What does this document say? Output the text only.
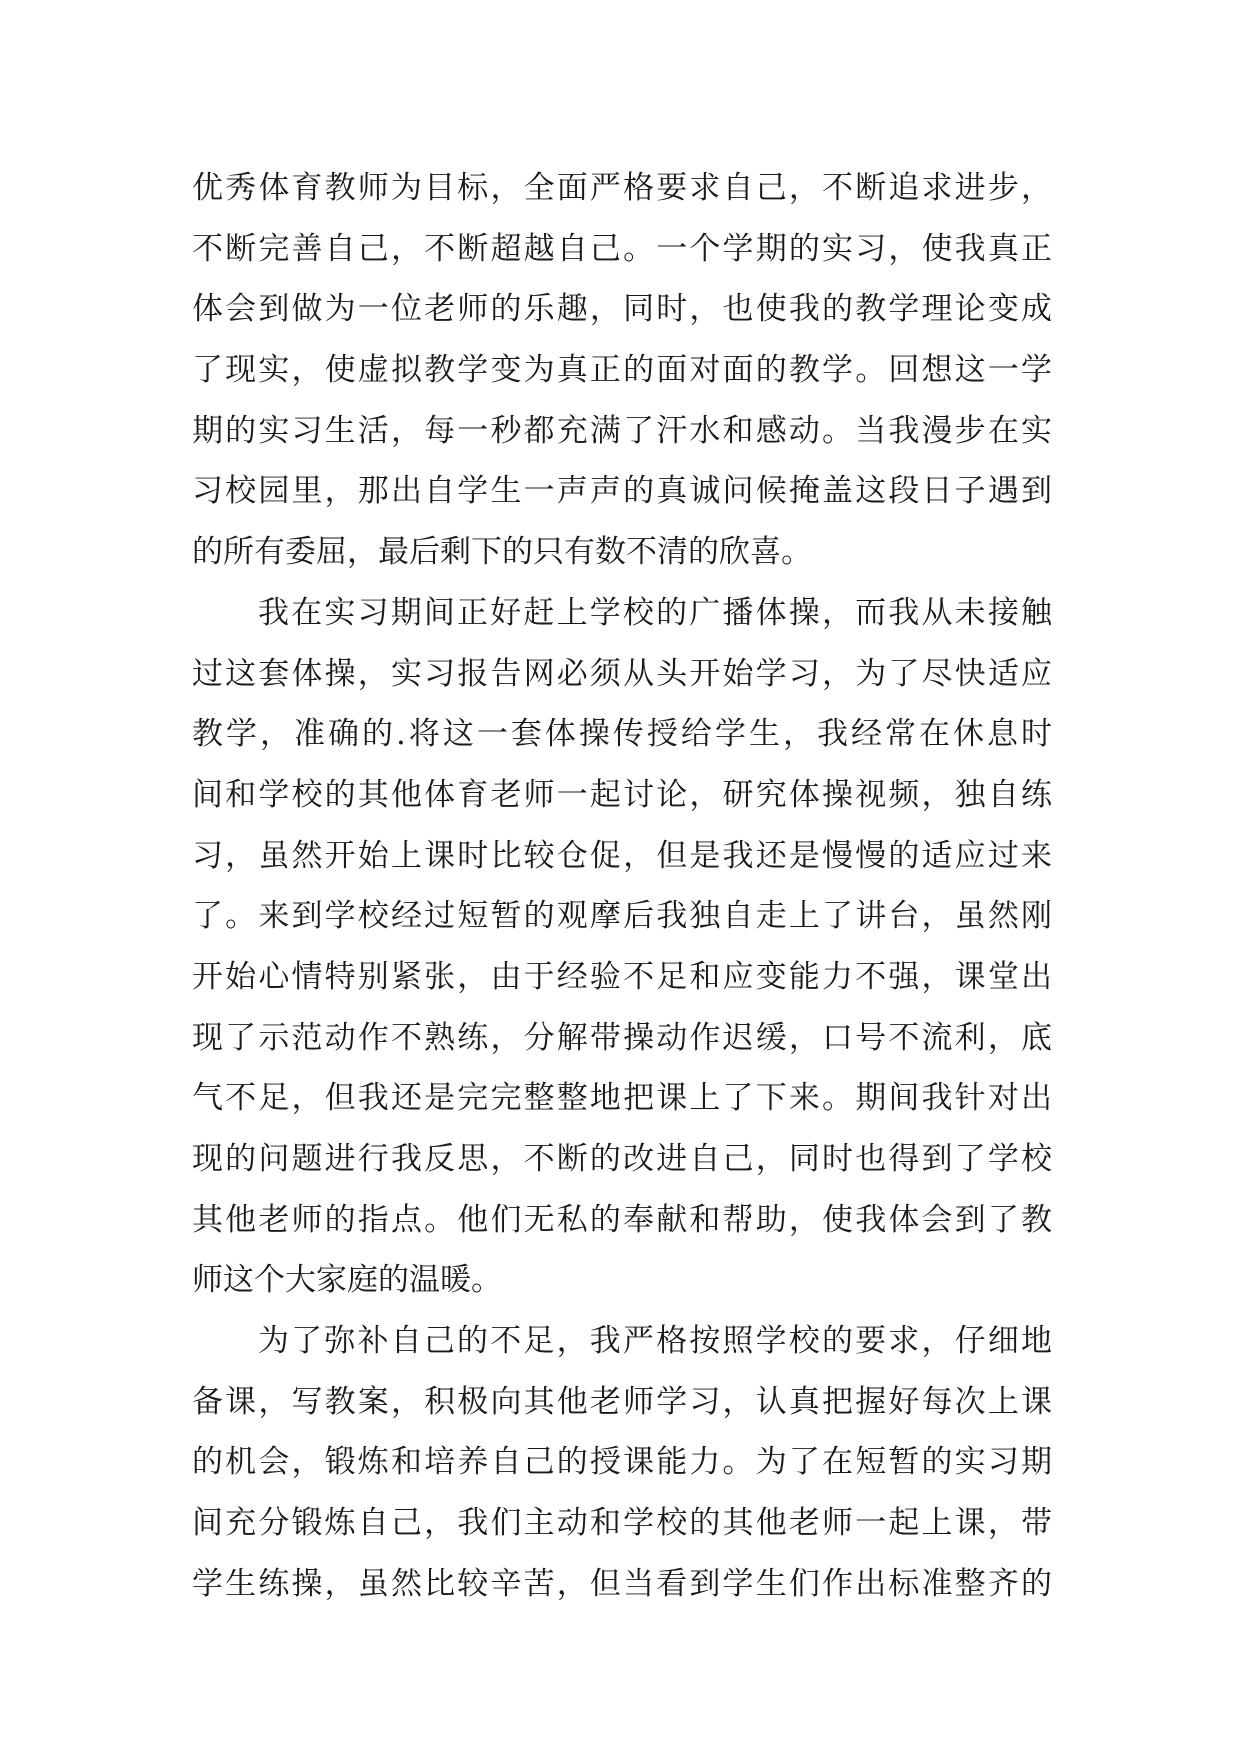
优秀体育教师为目标，全面严格要求自己，不断追求进步，
不断完善自己，不断超越自己。一个学期的实习，使我真正
体会到做为一位老师的乐趣，同时，也使我的教学理论变成
了现实，使虚拟教学变为真正的面对面的教学。回想这一学
期的实习生活，每一秒都充满了汗水和感动。当我漫步在实
习校园里，那出自学生一声声的真诚问候掩盖这段日子遇到
的所有委屈，最后剩下的只有数不清的欣喜。
我在实习期间正好赶上学校的广播体操，而我从未接触
过这套体操，实习报告网必须从头开始学习，为了尽快适应
教学，准确的.将这一套体操传授给学生，我经常在休息时
间和学校的其他体育老师一起讨论，研究体操视频，独自练
习，虽然开始上课时比较仓促，但是我还是慢慢的适应过来
了。来到学校经过短暂的观摩后我独自走上了讲台，虽然刚
开始心情特别紧张，由于经验不足和应变能力不强，课堂出
现了示范动作不熟练，分解带操动作迟缓，口号不流利，底
气不足，但我还是完完整整地把课上了下来。期间我针对出
现的问题进行我反思，不断的改进自己，同时也得到了学校
其他老师的指点。他们无私的奉献和帮助，使我体会到了教
师这个大家庭的温暖。
为了弥补自己的不足，我严格按照学校的要求，仔细地
备课，写教案，积极向其他老师学习，认真把握好每次上课
的机会，锻炼和培养自己的授课能力。为了在短暂的实习期
间充分锻炼自己，我们主动和学校的其他老师一起上课，带
学生练操，虽然比较辛苦，但当看到学生们作出标准整齐的
